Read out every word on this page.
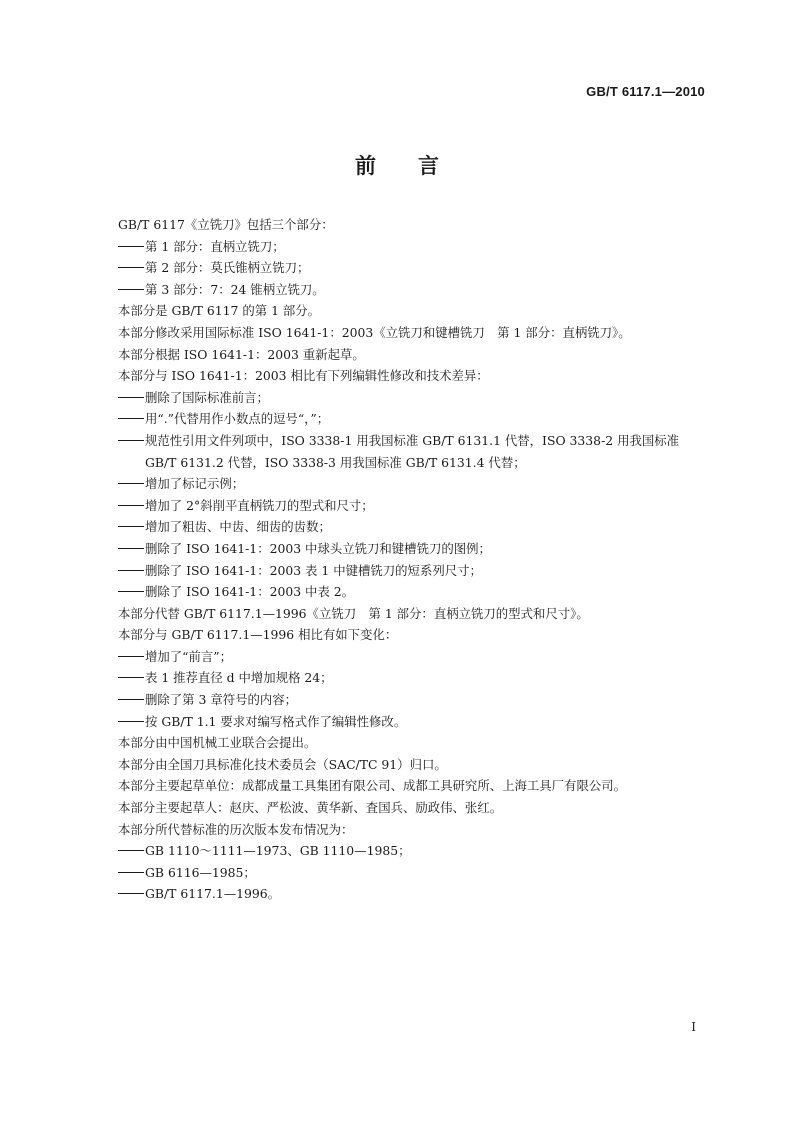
GB/T 6117.1—2010
前言
GB/T 6117《立铣刀》包括三个部分：
第 1 部分：直柄立铣刀；
第 2 部分：莫氏锥柄立铣刀；
第 3 部分：7：24 锥柄立铣刀。
本部分是 GB/T 6117 的第 1 部分。
本部分修改采用国际标准 ISO 1641-1：2003《立铣刀和键槽铣刀　第 1 部分：直柄铣刀》。
本部分根据 ISO 1641-1：2003 重新起草。
本部分与 ISO 1641-1：2003 相比有下列编辑性修改和技术差异：
删除了国际标准前言；
用“.”代替用作小数点的逗号“，”；
规范性引用文件列项中，ISO 3338-1 用我国标准 GB/T 6131.1 代替，ISO 3338-2 用我国标准
GB/T 6131.2 代替，ISO 3338-3 用我国标准 GB/T 6131.4 代替；
增加了标记示例；
增加了 2°斜削平直柄铣刀的型式和尺寸；
增加了粗齿、中齿、细齿的齿数；
删除了 ISO 1641-1：2003 中球头立铣刀和键槽铣刀的图例；
删除了 ISO 1641-1：2003 表 1 中键槽铣刀的短系列尺寸；
删除了 ISO 1641-1：2003 中表 2。
本部分代替 GB/T 6117.1—1996《立铣刀　第 1 部分：直柄立铣刀的型式和尺寸》。
本部分与 GB/T 6117.1—1996 相比有如下变化：
增加了“前言”；
表 1 推荐直径 d 中增加规格 24；
删除了第 3 章符号的内容；
按 GB/T 1.1 要求对编写格式作了编辑性修改。
本部分由中国机械工业联合会提出。
本部分由全国刀具标准化技术委员会（SAC/TC 91）归口。
本部分主要起草单位：成都成量工具集团有限公司、成都工具研究所、上海工具厂有限公司。
本部分主要起草人：赵庆、严松波、黄华新、査国兵、励政伟、张红。
本部分所代替标准的历次版本发布情况为：
GB 1110～1111—1973、GB 1110—1985；
GB 6116—1985；
GB/T 6117.1—1996。
I
